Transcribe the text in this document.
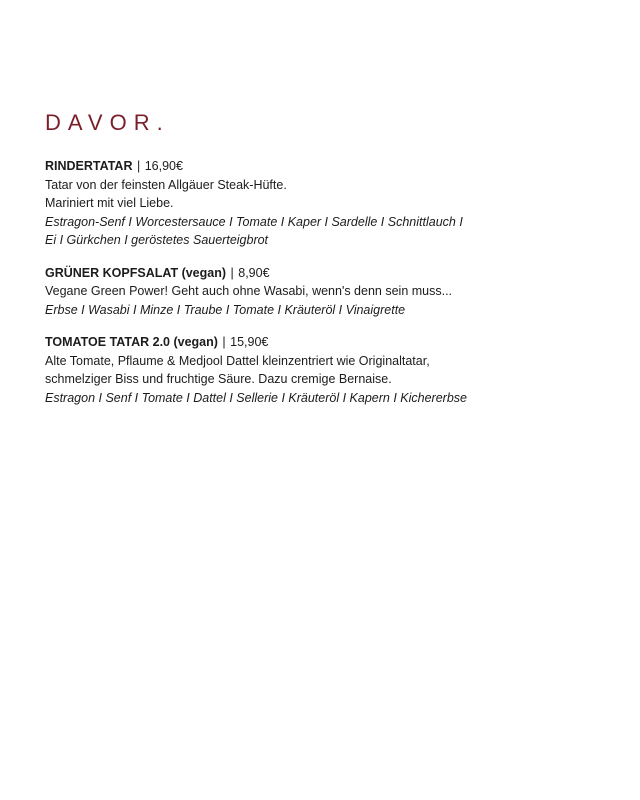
DAVOR.
RINDERTATAR | 16,90€
Tatar von der feinsten Allgäuer Steak-Hüfte.
Mariniert mit viel Liebe.
Estragon-Senf I Worcestersauce I Tomate I Kaper I Sardelle I Schnittlauch I
Ei I Gürkchen I geröstetes Sauerteigbrot
GRÜNER KOPFSALAT (vegan) | 8,90€
Vegane Green Power! Geht auch ohne Wasabi, wenn's denn sein muss...
Erbse I Wasabi I Minze I Traube I Tomate I Kräuteröl I Vinaigrette
TOMATOE TATAR 2.0 (vegan) | 15,90€
Alte Tomate, Pflaume & Medjool Dattel kleinzentriert wie Originaltatar,
schmelziger Biss und fruchtige Säure. Dazu cremige Bernaise.
Estragon I Senf I Tomate I Dattel I Sellerie I Kräuteröl I Kapern I Kichererbse
